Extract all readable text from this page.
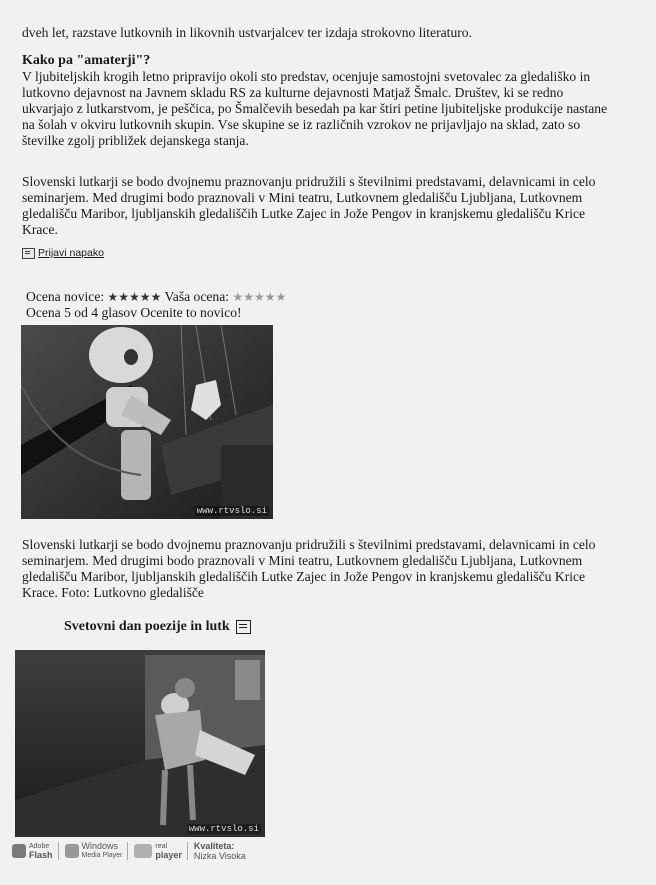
dveh let, razstave lutkovnih in likovnih ustvarjalcev ter izdaja strokovno literaturo.

Kako pa "amaterji"?

V ljubiteljskih krogih letno pripravijo okoli sto predstav, ocenjuje samostojni svetovalec za gledališko in lutkovno dejavnost na Javnem skladu RS za kulturne dejavnosti Matjaž Šmalc. Društev, ki se redno ukvarjajo z lutkarstvom, je peščica, po Šmalčevih besedah pa kar štiri petine ljubiteljske produkcije nastane na šolah v okviru lutkovnih skupin. Vse skupine se iz različnih vzrokov ne prijavljajo na sklad, zato so številke zgolj približek dejanskega stanja.

Slovenski lutkarji se bodo dvojnemu praznovanju pridružili s številnimi predstavami, delavnicami in celo seminarjem. Med drugimi bodo praznovali v Mini teatru, Lutkovnem gledališču Ljubljana, Lutkovnem gledališču Maribor, ljubljanskih gledališčih Lutke Zajec in Jože Pengov in kranjskemu gledališču Krice Krace.

Prijavi napako
Ocena novice: ★★★★★ Vaša ocena: ★★★★★
Ocena 5 od 4 glasov Ocenite to novico!
www.rtvslo.si

Slovenski lutkarji se bodo dvojnemu praznovanju pridružili s številnimi predstavami, delavnicami in celo seminarjem. Med drugimi bodo praznovali v Mini teatru, Lutkovnem gledališču Ljubljana, Lutkovnem gledališču Maribor, ljubljanskih gledališčih Lutke Zajec in Jože Pengov in kranjskemu gledališču Krice Krace. Foto: Lutkovno gledališče

Svetovni dan poezije in lutk
www.rtvslo.si
Adobe
Flash
Windows
Media Player
real
player
Kvaliteta:
Nizka Visoka
